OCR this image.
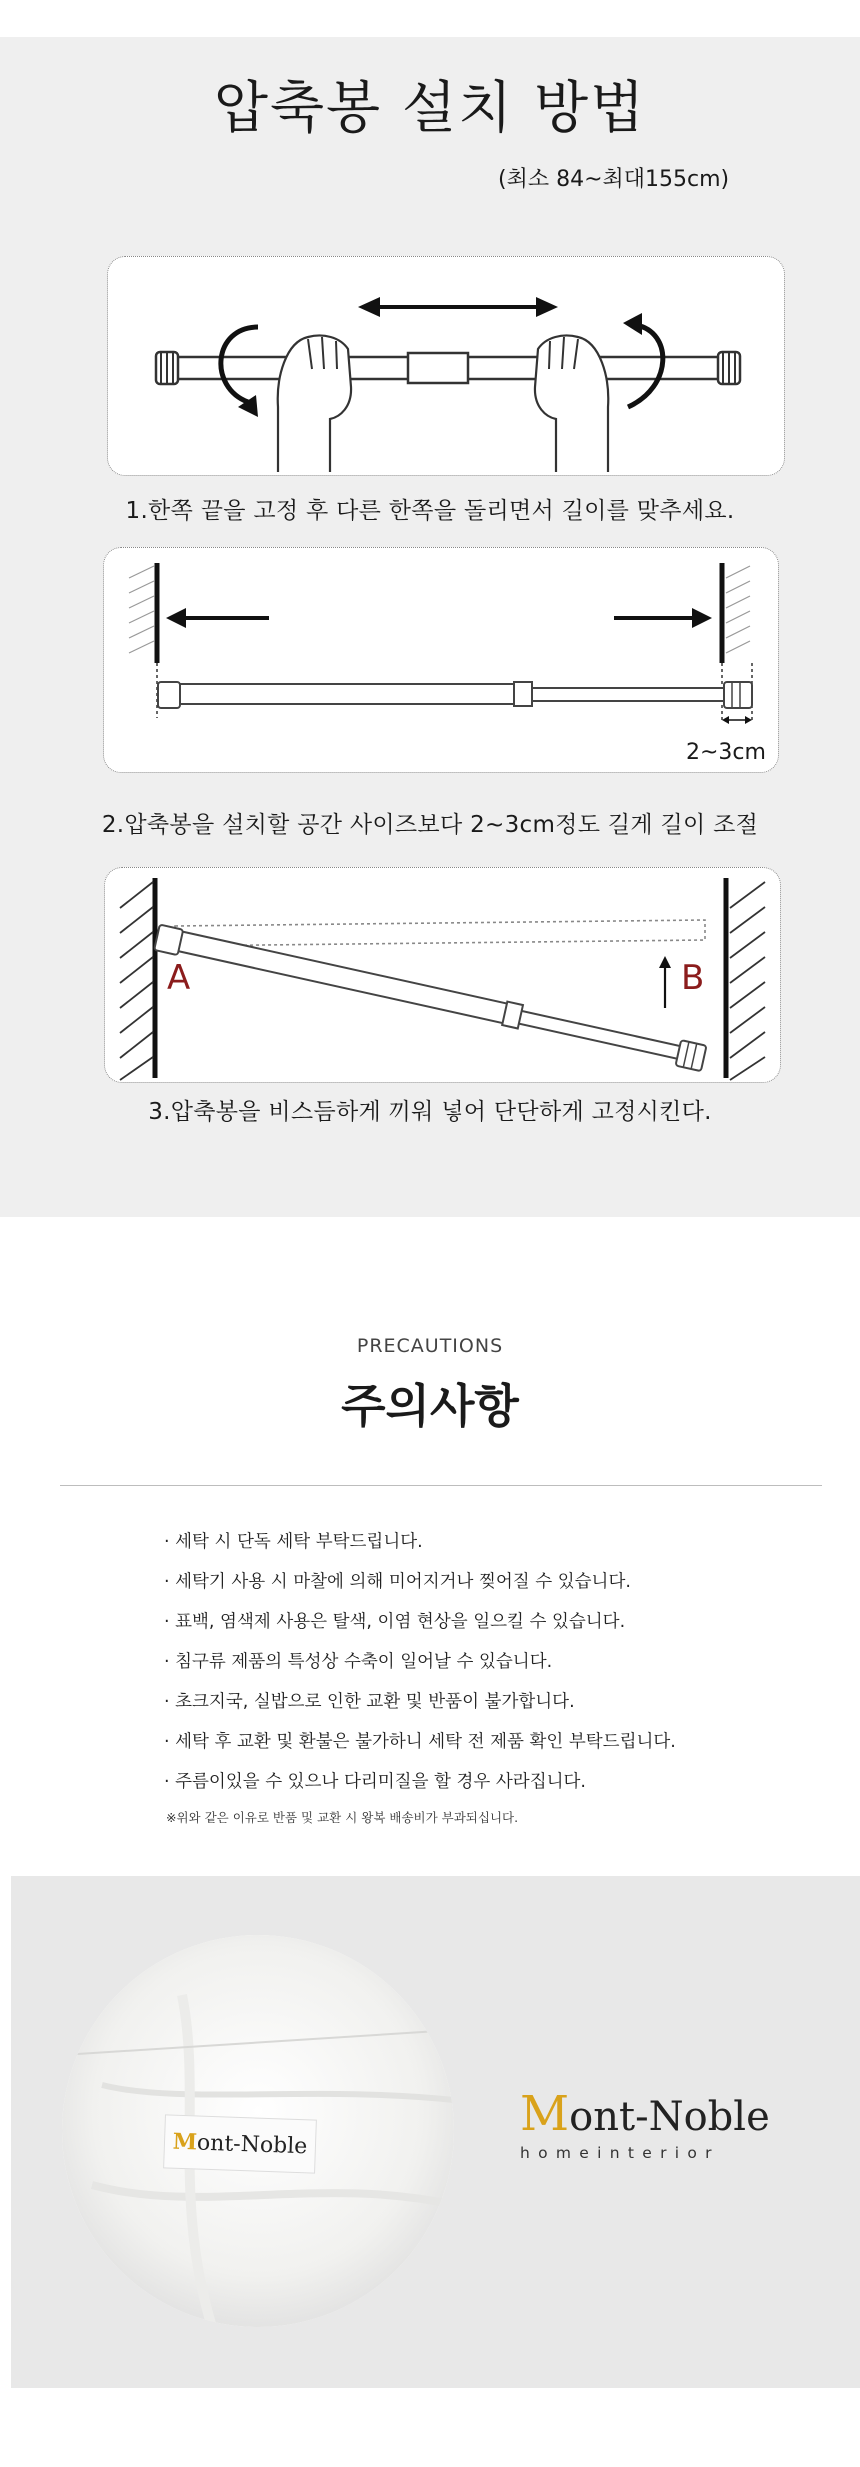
압축봉 설치 방법
(최소 84~최대155cm)
1.한쪽 끝을 고정 후 다른 한쪽을 돌리면서 길이를 맞추세요.
2~3cm
2.압축봉을 설치할 공간 사이즈보다 2~3cm정도 길게 길이 조절
A	B
3.압축봉을 비스듬하게 끼워 넣어 단단하게 고정시킨다.
PRECAUTIONS
주의사항
· 세탁 시 단독 세탁 부탁드립니다.
· 세탁기 사용 시 마찰에 의해 미어지거나 찢어질 수 있습니다.
· 표백, 염색제 사용은 탈색, 이염 현상을 일으킬 수 있습니다.
· 침구류 제품의 특성상 수축이 일어날 수 있습니다.
· 초크지국, 실밥으로 인한 교환 및 반품이 불가합니다.
· 세탁 후 교환 및 환불은 불가하니 세탁 전 제품 확인 부탁드립니다.
· 주름이있을 수 있으나 다리미질을 할 경우 사라집니다.
※위와 같은 이유로 반품 및 교환 시 왕복 배송비가 부과되십니다.
Mont-Noble
Mont-Noble
homeinterior
